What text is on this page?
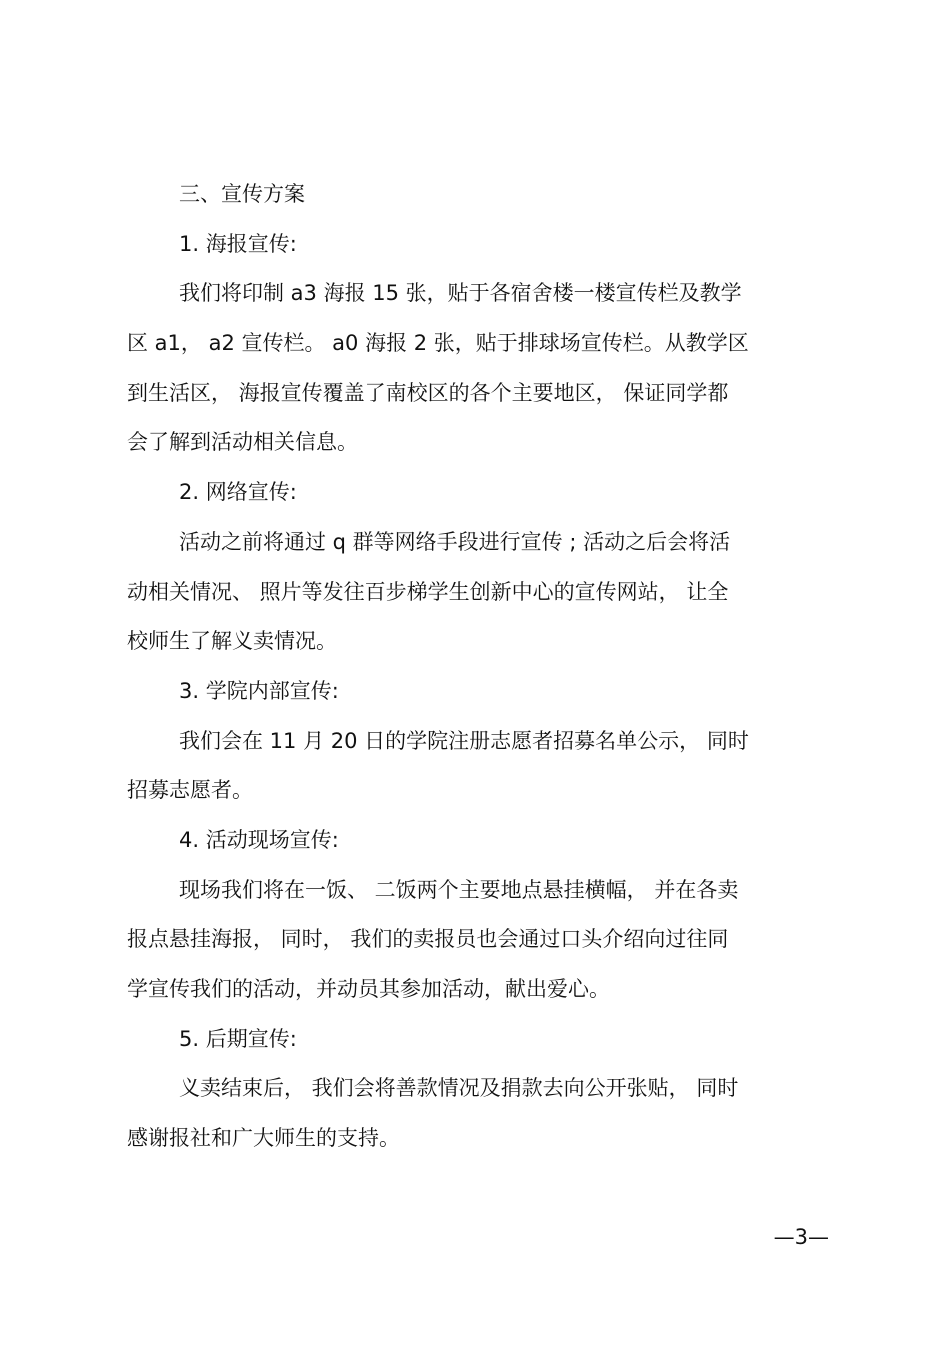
三、宣传方案
1. 海报宣传:
我们将印制 a3 海报 15 张，贴于各宿舍楼一楼宣传栏及教学
区 a1， a2 宣传栏。 a0 海报 2 张，贴于排球场宣传栏。从教学区
到生活区， 海报宣传覆盖了南校区的各个主要地区， 保证同学都
会了解到活动相关信息。
2. 网络宣传:
活动之前将通过 q 群等网络手段进行宣传 ; 活动之后会将活
动相关情况、 照片等发往百步梯学生创新中心的宣传网站， 让全
校师生了解义卖情况。
3. 学院内部宣传:
我们会在 11 月 20 日的学院注册志愿者招募名单公示， 同时
招募志愿者。
4. 活动现场宣传:
现场我们将在一饭、 二饭两个主要地点悬挂横幅， 并在各卖
报点悬挂海报， 同时， 我们的卖报员也会通过口头介绍向过往同
学宣传我们的活动，并动员其参加活动，献出爱心。
5. 后期宣传:
义卖结束后， 我们会将善款情况及捐款去向公开张贴， 同时
感谢报社和广大师生的支持。
—3—
